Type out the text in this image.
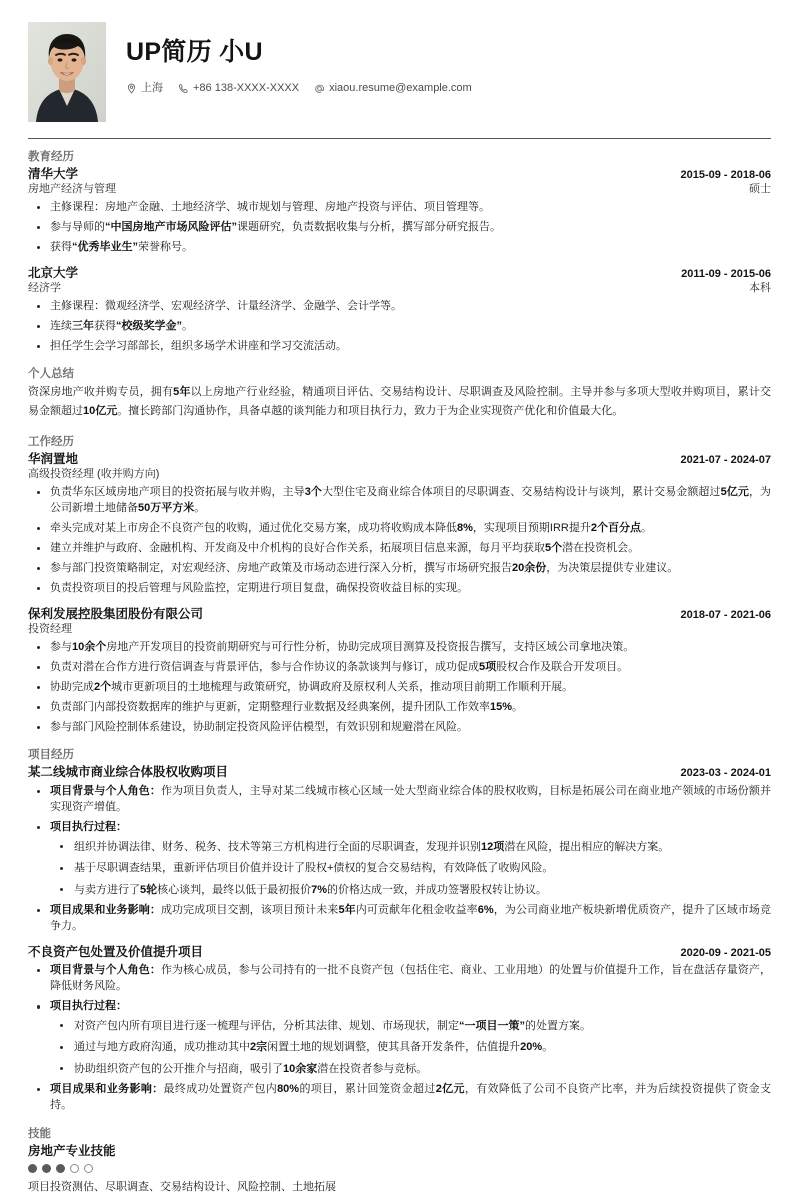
UP简历 小U
上海	+86 138-XXXX-XXXX	xiaou.resume@example.com
教育经历
清华大学	2015-09 - 2018-06
房地产经济与管理	硕士
主修课程：房地产金融、土地经济学、城市规划与管理、房地产投资与评估、项目管理等。
参与导师的“中国房地产市场风险评估”课题研究，负责数据收集与分析，撰写部分研究报告。
获得“优秀毕业生”荣誉称号。
北京大学	2011-09 - 2015-06
经济学	本科
主修课程：微观经济学、宏观经济学、计量经济学、金融学、会计学等。
连续三年获得“校级奖学金”。
担任学生会学习部部长，组织多场学术讲座和学习交流活动。
个人总结
资深房地产收并购专员，拥有5年以上房地产行业经验，精通项目评估、交易结构设计、尽职调查及风险控制。主导并参与多项大型收并购项目，累计交易金额超过10亿元。擅长跨部门沟通协作，具备卓越的谈判能力和项目执行力，致力于为企业实现资产优化和价值最大化。
工作经历
华润置地	2021-07 - 2024-07
高级投资经理 (收并购方向)
负责华东区域房地产项目的投资拓展与收并购，主导3个大型住宅及商业综合体项目的尽职调查、交易结构设计与谈判，累计交易金额超过5亿元，为公司新增土地储备50万平方米。
牵头完成对某上市房企不良资产包的收购，通过优化交易方案，成功将收购成本降低8%，实现项目预期IRR提升2个百分点。
建立并维护与政府、金融机构、开发商及中介机构的良好合作关系，拓展项目信息来源，每月平均获取5个潜在投资机会。
参与部门投资策略制定，对宏观经济、房地产政策及市场动态进行深入分析，撰写市场研究报告20余份，为决策层提供专业建议。
负责投资项目的投后管理与风险监控，定期进行项目复盘，确保投资收益目标的实现。
保利发展控股集团股份有限公司	2018-07 - 2021-06
投资经理
参与10余个房地产开发项目的投资前期研究与可行性分析，协助完成项目测算及投资报告撰写，支持区域公司拿地决策。
负责对潜在合作方进行资信调查与背景评估，参与合作协议的条款谈判与修订，成功促成5项股权合作及联合开发项目。
协助完成2个城市更新项目的土地梳理与政策研究，协调政府及原权利人关系，推动项目前期工作顺利开展。
负责部门内部投资数据库的维护与更新，定期整理行业数据及经典案例，提升团队工作效率15%。
参与部门风险控制体系建设，协助制定投资风险评估模型，有效识别和规避潜在风险。
项目经历
某二线城市商业综合体股权收购项目	2023-03 - 2024-01
项目背景与个人角色：作为项目负责人，主导对某二线城市核心区域一处大型商业综合体的股权收购，目标是拓展公司在商业地产领域的市场份额并实现资产增值。
项目执行过程：
组织并协调法律、财务、税务、技术等第三方机构进行全面的尽职调查，发现并识别12项潜在风险，提出相应的解决方案。
基于尽职调查结果，重新评估项目价值并设计了股权+债权的复合交易结构，有效降低了收购风险。
与卖方进行了5轮核心谈判，最终以低于最初报价7%的价格达成一致，并成功签署股权转让协议。
项目成果和业务影响：成功完成项目交割，该项目预计未来5年内可贡献年化租金收益率6%，为公司商业地产板块新增优质资产，提升了区域市场竞争力。
不良资产包处置及价值提升项目	2020-09 - 2021-05
项目背景与个人角色：作为核心成员，参与公司持有的一批不良资产包（包括住宅、商业、工业用地）的处置与价值提升工作，旨在盘活存量资产，降低财务风险。
项目执行过程：
对资产包内所有项目进行逐一梳理与评估，分析其法律、规划、市场现状，制定“一项目一策”的处置方案。
通过与地方政府沟通，成功推动其中2宗闲置土地的规划调整，使其具备开发条件，估值提升20%。
协助组织资产包的公开推介与招商，吸引了10余家潜在投资者参与竞标。
项目成果和业务影响：最终成功处置资产包内80%的项目，累计回笼资金超过2亿元，有效降低了公司不良资产比率，并为后续投资提供了资金支持。
技能
房地产专业技能
项目投资测估、尽职调查、交易结构设计、风险控制、土地拓展
